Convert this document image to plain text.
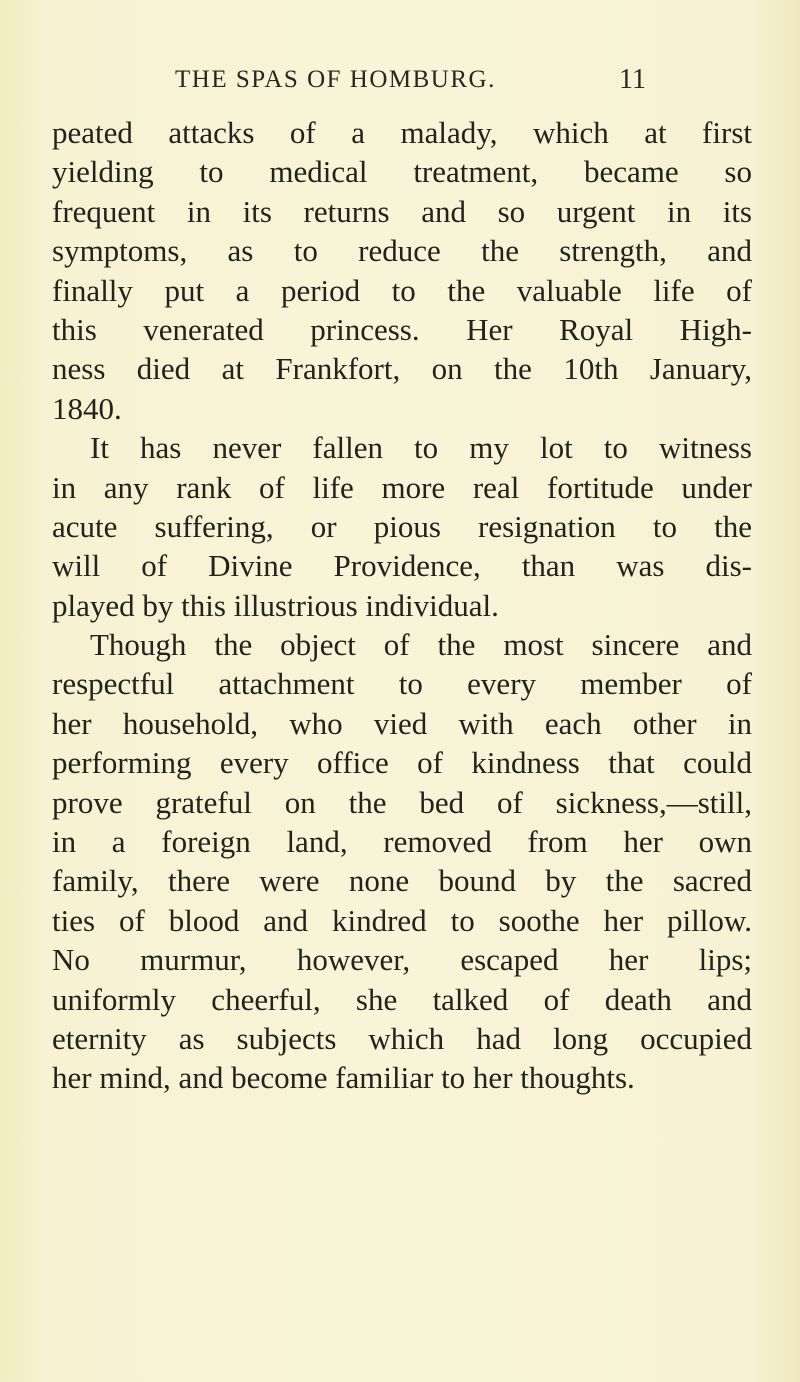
THE SPAS OF HOMBURG.	11
peated attacks of a malady, which at first
yielding to medical treatment, became so
frequent in its returns and so urgent in its
symptoms, as to reduce the strength, and
finally put a period to the valuable life of
this venerated princess. Her Royal High-
ness died at Frankfort, on the 10th January,
1840.
It has never fallen to my lot to witness
in any rank of life more real fortitude under
acute suffering, or pious resignation to the
will of Divine Providence, than was dis-
played by this illustrious individual.
Though the object of the most sincere and
respectful attachment to every member of
her household, who vied with each other in
performing every office of kindness that could
prove grateful on the bed of sickness,—still,
in a foreign land, removed from her own
family, there were none bound by the sacred
ties of blood and kindred to soothe her pillow.
No murmur, however, escaped her lips;
uniformly cheerful, she talked of death and
eternity as subjects which had long occupied
her mind, and become familiar to her thoughts.
